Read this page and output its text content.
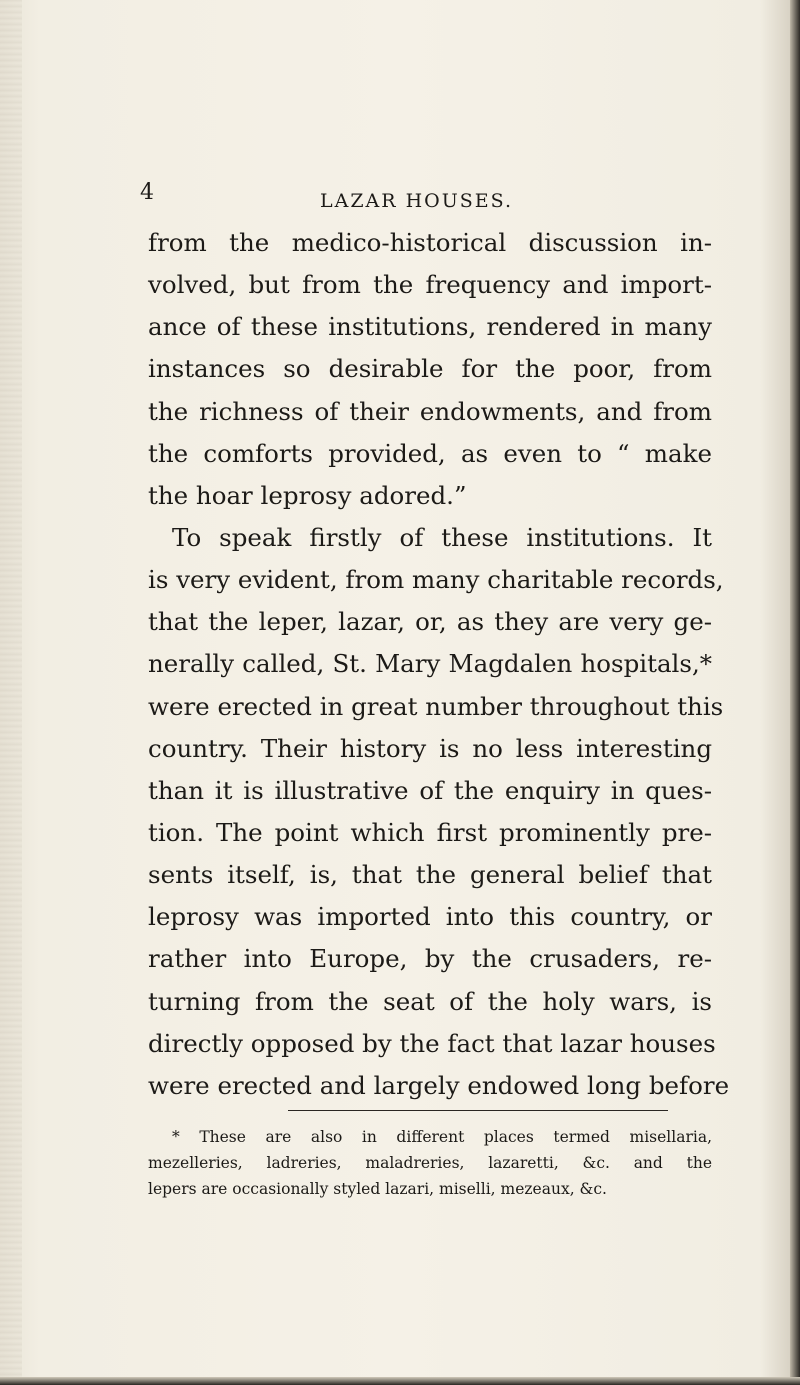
4	LAZAR HOUSES.
from the medico-historical discussion in-
volved, but from the frequency and import-
ance of these institutions, rendered in many
instances so desirable for the poor, from
the richness of their endowments, and from
the comforts provided, as even to “ make
the hoar leprosy adored.”
To speak firstly of these institutions. It
is very evident, from many charitable records,
that the leper, lazar, or, as they are very ge-
nerally called, St. Mary Magdalen hospitals,*
were erected in great number throughout this
country. Their history is no less interesting
than it is illustrative of the enquiry in ques-
tion. The point which first prominently pre-
sents itself, is, that the general belief that
leprosy was imported into this country, or
rather into Europe, by the crusaders, re-
turning from the seat of the holy wars, is
directly opposed by the fact that lazar houses
were erected and largely endowed long before
* These are also in different places termed misellaria,
mezelleries, ladreries, maladreries, lazaretti, &c. and the
lepers are occasionally styled lazari, miselli, mezeaux, &c.
